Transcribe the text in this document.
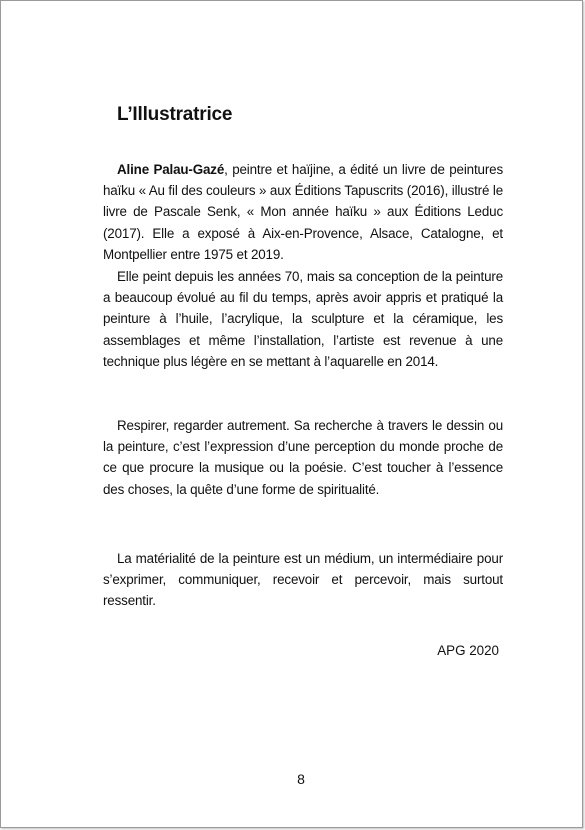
L’Illustratrice

Aline Palau-Gazé, peintre et haïjine, a édité un livre de peintures haïku « Au fil des couleurs » aux Éditions Tapuscrits (2016), illustré le livre de Pascale Senk, « Mon année haïku » aux Éditions Leduc (2017). Elle a exposé à Aix-en-Provence, Alsace, Catalogne, et Montpellier entre 1975 et 2019.

Elle peint depuis les années 70, mais sa conception de la peinture a beaucoup évolué au fil du temps, après avoir appris et pratiqué la peinture à l’huile, l’acrylique, la sculpture et la céramique, les assemblages et même l’installation, l’artiste est revenue à une technique plus légère en se mettant à l’aquarelle en 2014.

Respirer, regarder autrement. Sa recherche à travers le dessin ou la peinture, c’est l’expression d’une perception du monde proche de ce que procure la musique ou la poésie. C’est toucher à l’essence des choses, la quête d’une forme de spiritualité.

La matérialité de la peinture est un médium, un intermédiaire pour s’exprimer, communiquer, recevoir et percevoir, mais surtout ressentir.

APG 2020
8
